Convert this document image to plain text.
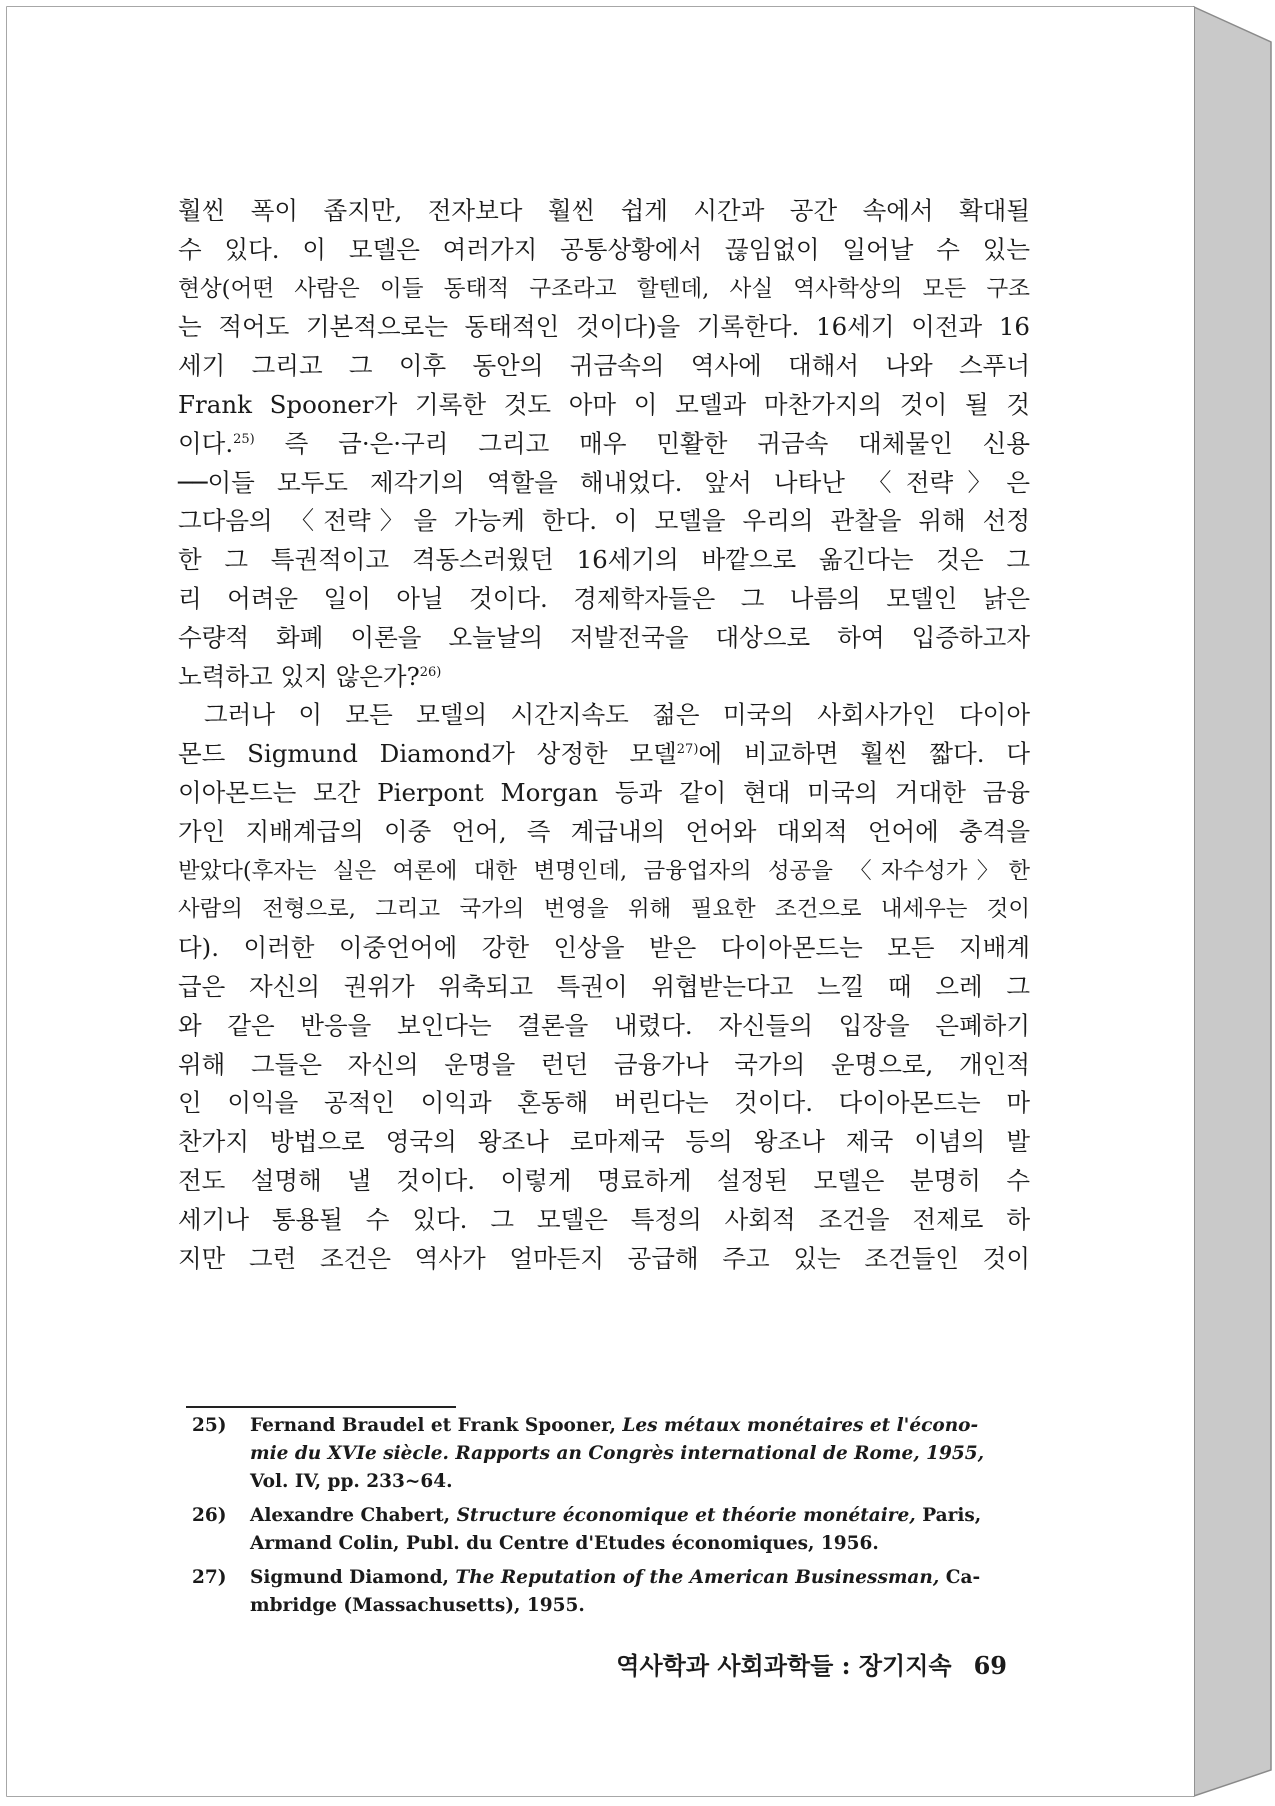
훨씬 폭이 좁지만, 전자보다 훨씬 쉽게 시간과 공간 속에서 확대될
수 있다. 이 모델은 여러가지 공통상황에서 끊임없이 일어날 수 있는
현상(어떤 사람은 이들 동태적 구조라고 할텐데, 사실 역사학상의 모든 구조
는 적어도 기본적으로는 동태적인 것이다)을 기록한다. 16세기 이전과 16
세기 그리고 그 이후 동안의 귀금속의 역사에 대해서 나와 스푸너
Frank Spooner가 기록한 것도 아마 이 모델과 마찬가지의 것이 될 것
이다.$^{25)}$ 즉 금·은·구리 그리고 매우 민활한 귀금속 대체물인 신용
──이들 모두도 제각기의 역할을 해내었다. 앞서 나타난 〈전략〉은
그다음의 〈전략〉을 가능케 한다. 이 모델을 우리의 관찰을 위해 선정
한 그 특권적이고 격동스러웠던 16세기의 바깥으로 옮긴다는 것은 그
리 어려운 일이 아닐 것이다. 경제학자들은 그 나름의 모델인 낡은
수량적 화폐 이론을 오늘날의 저발전국을 대상으로 하여 입증하고자
노력하고 있지 않은가?$^{26)}$
그러나 이 모든 모델의 시간지속도 젊은 미국의 사회사가인 다이아
몬드 Sigmund Diamond가 상정한 모델$^{27)}$에 비교하면 훨씬 짧다. 다
이아몬드는 모간 Pierpont Morgan 등과 같이 현대 미국의 거대한 금융
가인 지배계급의 이중 언어, 즉 계급내의 언어와 대외적 언어에 충격을
받았다(후자는 실은 여론에 대한 변명인데, 금융업자의 성공을 〈자수성가〉한
사람의 전형으로, 그리고 국가의 번영을 위해 필요한 조건으로 내세우는 것이
다). 이러한 이중언어에 강한 인상을 받은 다이아몬드는 모든 지배계
급은 자신의 권위가 위축되고 특권이 위협받는다고 느낄 때 으레 그
와 같은 반응을 보인다는 결론을 내렸다. 자신들의 입장을 은폐하기
위해 그들은 자신의 운명을 런던 금융가나 국가의 운명으로, 개인적
인 이익을 공적인 이익과 혼동해 버린다는 것이다. 다이아몬드는 마
찬가지 방법으로 영국의 왕조나 로마제국 등의 왕조나 제국 이념의 발
전도 설명해 낼 것이다. 이렇게 명료하게 설정된 모델은 분명히 수
세기나 통용될 수 있다. 그 모델은 특정의 사회적 조건을 전제로 하
지만 그런 조건은 역사가 얼마든지 공급해 주고 있는 조건들인 것이
25) Fernand Braudel et Frank Spooner, Les métaux monétaires et l'écono- mie du XVIe siècle. Rapports an Congrès international de Rome, 1955, Vol. IV, pp. 233~64.
26) Alexandre Chabert, Structure économique et théorie monétaire, Paris, Armand Colin, Publ. du Centre d'Etudes économiques, 1956.
27) Sigmund Diamond, The Reputation of the American Businessman, Ca- mbridge (Massachusetts), 1955.
역사학과 사회과학들 : 장기지속 69
